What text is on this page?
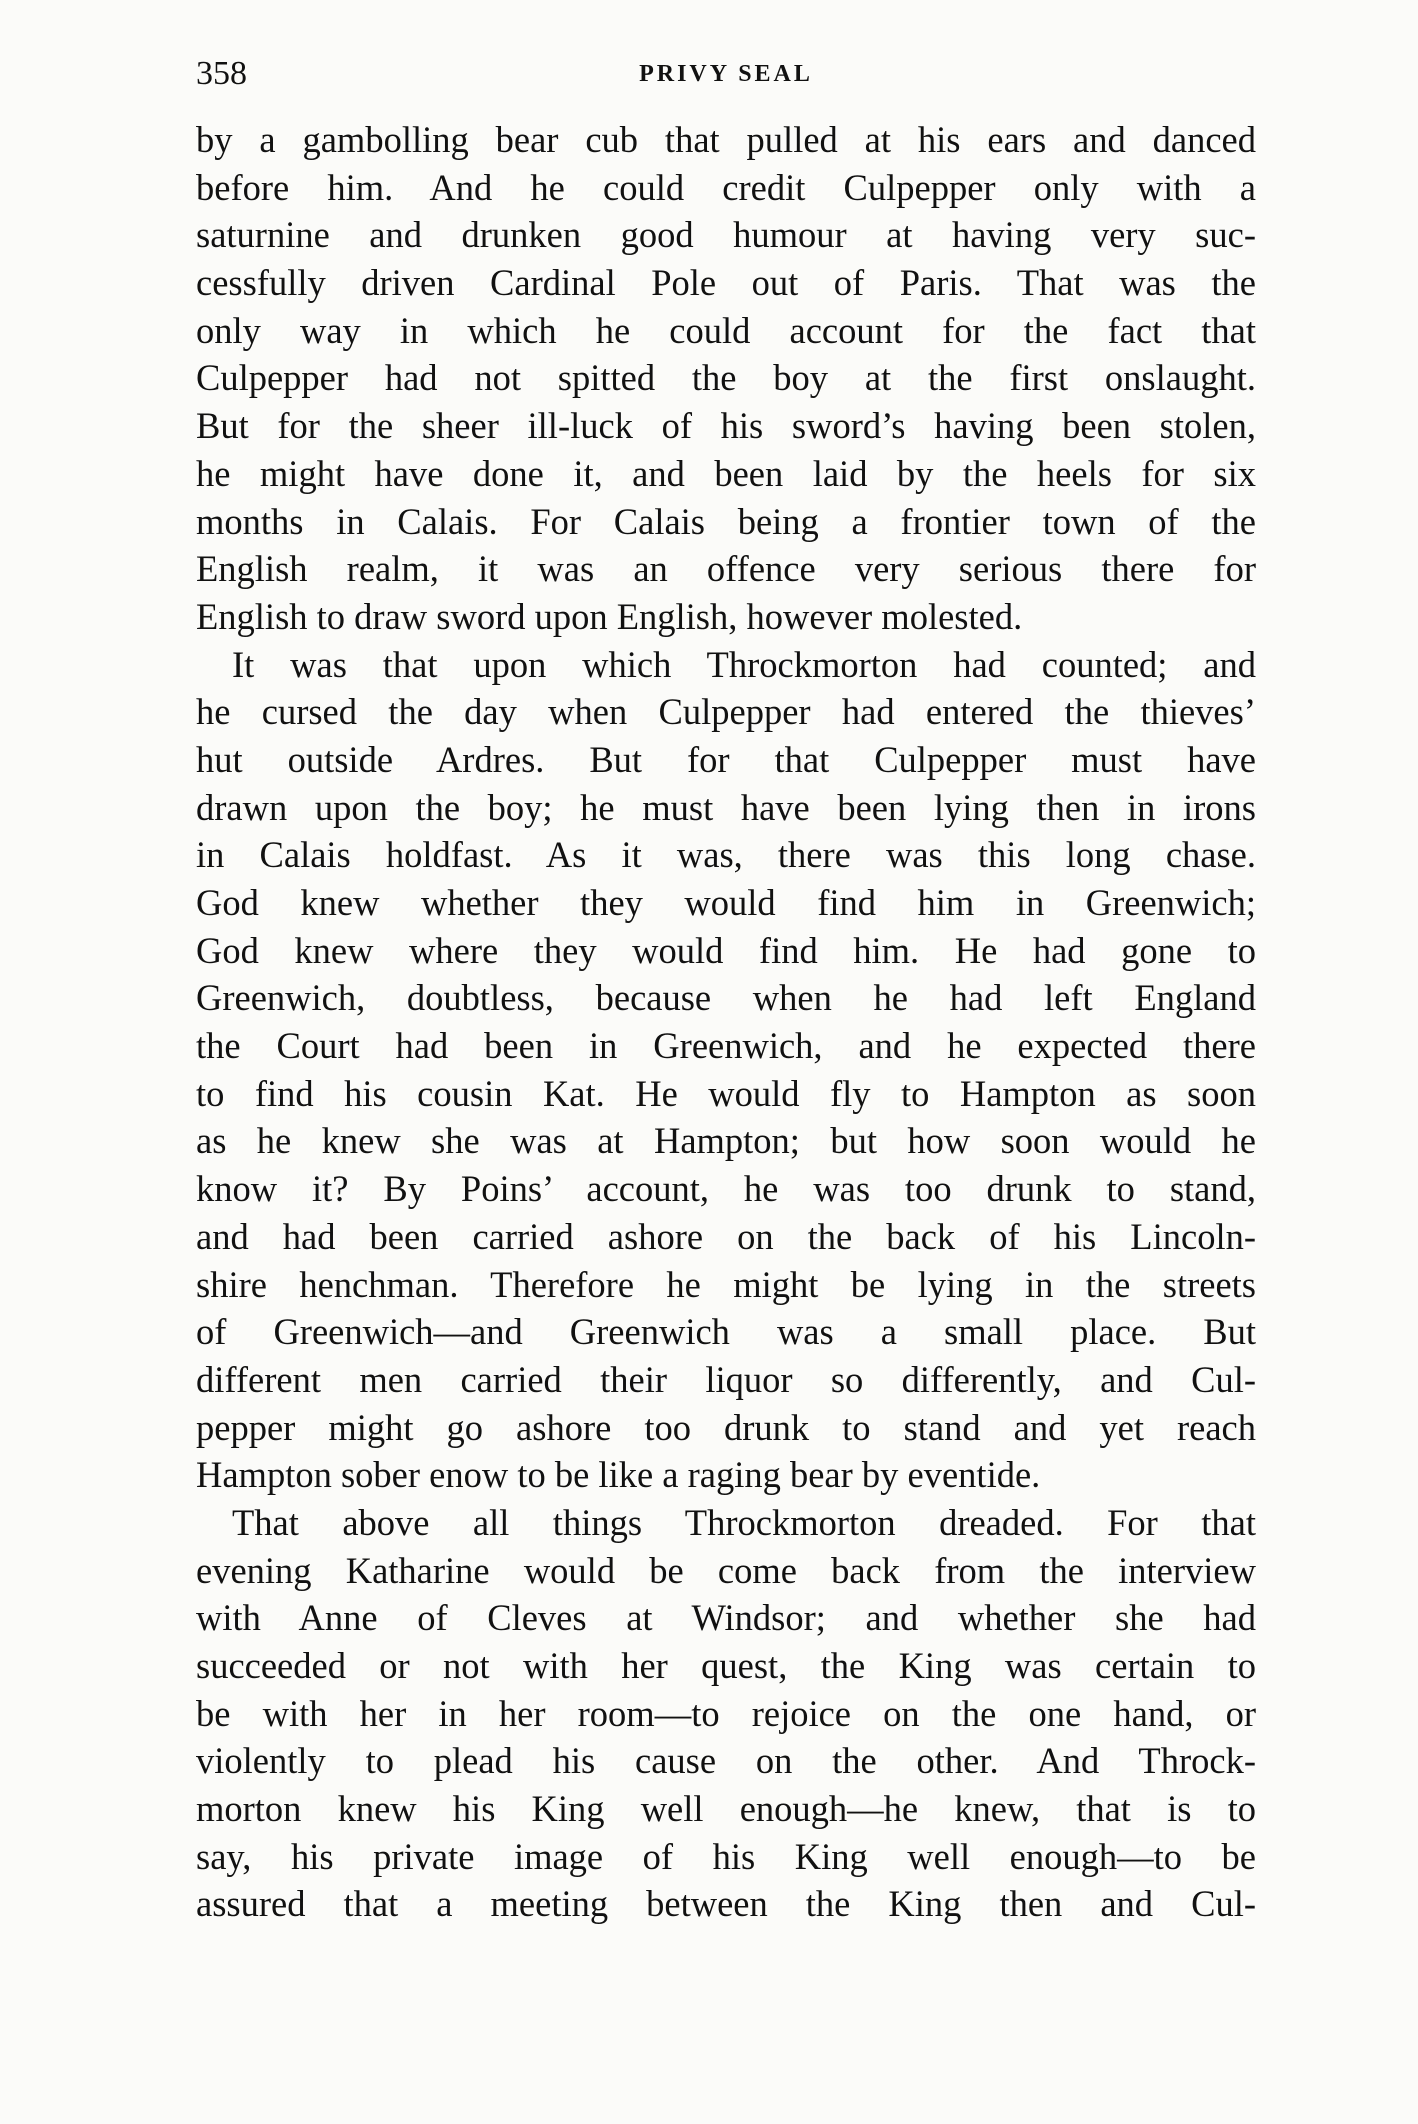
358	PRIVY SEAL
by a gambolling bear cub that pulled at his ears and danced
before him. And he could credit Culpepper only with a
saturnine and drunken good humour at having very suc-
cessfully driven Cardinal Pole out of Paris. That was the
only way in which he could account for the fact that
Culpepper had not spitted the boy at the first onslaught.
But for the sheer ill-luck of his sword’s having been stolen,
he might have done it, and been laid by the heels for six
months in Calais. For Calais being a frontier town of the
English realm, it was an offence very serious there for
English to draw sword upon English, however molested.
It was that upon which Throckmorton had counted; and
he cursed the day when Culpepper had entered the thieves’
hut outside Ardres. But for that Culpepper must have
drawn upon the boy; he must have been lying then in irons
in Calais holdfast. As it was, there was this long chase.
God knew whether they would find him in Greenwich;
God knew where they would find him. He had gone to
Greenwich, doubtless, because when he had left England
the Court had been in Greenwich, and he expected there
to find his cousin Kat. He would fly to Hampton as soon
as he knew she was at Hampton; but how soon would he
know it? By Poins’ account, he was too drunk to stand,
and had been carried ashore on the back of his Lincoln-
shire henchman. Therefore he might be lying in the streets
of Greenwich—and Greenwich was a small place. But
different men carried their liquor so differently, and Cul-
pepper might go ashore too drunk to stand and yet reach
Hampton sober enow to be like a raging bear by eventide.
That above all things Throckmorton dreaded. For that
evening Katharine would be come back from the interview
with Anne of Cleves at Windsor; and whether she had
succeeded or not with her quest, the King was certain to
be with her in her room—to rejoice on the one hand, or
violently to plead his cause on the other. And Throck-
morton knew his King well enough—he knew, that is to
say, his private image of his King well enough—to be
assured that a meeting between the King then and Cul-
